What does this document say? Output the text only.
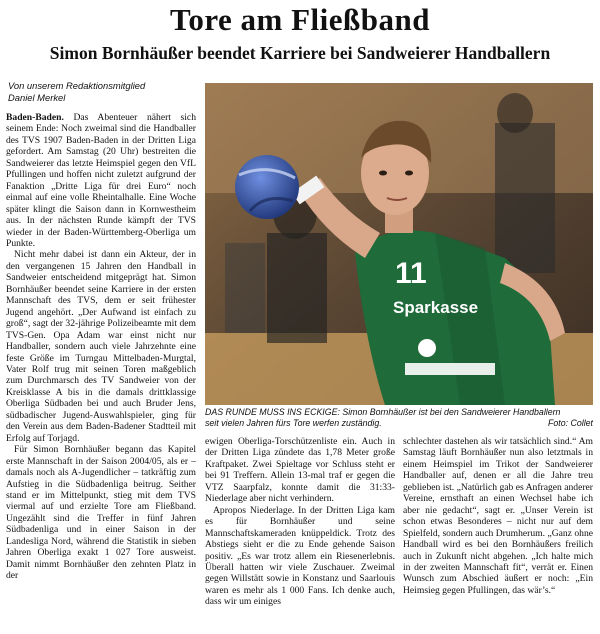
Tore am Fließband
Simon Bornhäußer beendet Karriere bei Sandweierer Handballern
Von unserem Redaktionsmitglied
Daniel Merkel

Baden-Baden. Das Abenteuer nähert sich seinem Ende: Noch zweimal sind die Handballer des TVS 1907 Baden-Baden in der Dritten Liga gefordert. Am Samstag (20 Uhr) bestreiten die Sandweierer das letzte Heimspiel gegen den VfL Pfullingen und hoffen nicht zuletzt aufgrund der Fanaktion „Dritte Liga für drei Euro“ noch einmal auf eine volle Rheintalhalle. Eine Woche später klingt die Saison dann in Kornwestheim aus. In der nächsten Runde kämpft der TVS wieder in der Baden-Württemberg-Oberliga um Punkte.

Nicht mehr dabei ist dann ein Akteur, der in den vergangenen 15 Jahren den Handball in Sandweier entscheidend mitgeprägt hat. Simon Bornhäußer beendet seine Karriere in der ersten Mannschaft des TVS, dem er seit frühester Jugend angehört. „Der Aufwand ist einfach zu groß“, sagt der 32-jährige Polizeibeamte mit dem TVS-Gen. Opa Adam war einst nicht nur Handballer, sondern auch viele Jahrzehnte eine feste Größe im Turngau Mittelbaden-Murgtal, Vater Rolf trug mit seinen Toren maßgeblich zum Durchmarsch des TV Sandweier von der Kreisklasse A bis in die damals drittklassige Oberliga Südbaden bei und auch Bruder Jens, südbadischer Jugend-Auswahlspieler, ging für den Verein aus dem Baden-Badener Stadtteil mit Erfolg auf Torjagd.

Für Simon Bornhäußer begann das Kapitel erste Mannschaft in der Saison 2004/05, als er – damals noch als A-Jugendlicher – tatkräftig zum Aufstieg in die Südbadenliga beitrug. Seither stand er im Mittelpunkt, stieg mit dem TVS viermal auf und erzielte Tore am Fließband. Ungezählt sind die Treffer in fünf Jahren Südbadenliga und in einer Saison in der Landesliga Nord, während die Statistik in sieben Jahren Oberliga exakt 1 027 Tore ausweist. Damit nimmt Bornhäußer den zehnten Platz in der

Sparkasse
11
DAS RUNDE MUSS INS ECKIGE: Simon Bornhäußer ist bei den Sandweierer Handballern
seit vielen Jahren fürs Tore werfen zuständig.	Foto: Collet

ewigen Oberliga-Torschützenliste ein. Auch in der Dritten Liga zündete das 1,78 Meter große Kraftpaket. Zwei Spieltage vor Schluss steht er bei 91 Treffern. Allein 13-mal traf er gegen die VTZ Saarpfalz, konnte damit die 31:33-Niederlage aber nicht verhindern.

Apropos Niederlage. In der Dritten Liga kam es für Bornhäußer und seine Mannschaftskameraden knüppeldick. Trotz des Abstiegs sieht er die zu Ende gehende Saison positiv. „Es war trotz allem ein Riesenerlebnis. Überall hatten wir viele Zuschauer. Zweimal gegen Willstätt sowie in Konstanz und Saarlouis waren es mehr als 1 000 Fans. Ich denke auch, dass wir um einiges

schlechter dastehen als wir tatsächlich sind.“ Am Samstag läuft Bornhäußer nun also letztmals in einem Heimspiel im Trikot der Sandweierer Handballer auf, denen er all die Jahre treu geblieben ist. „Natürlich gab es Anfragen anderer Vereine, ernsthaft an einen Wechsel habe ich aber nie gedacht“, sagt er. „Unser Verein ist schon etwas Besonderes – nicht nur auf dem Spielfeld, sondern auch Drumherum. „Ganz ohne Handball wird es bei den Bornhäußers freilich auch in Zukunft nicht abgehen. „Ich halte mich in der zweiten Mannschaft fit“, verrät er. Einen Wunsch zum Abschied äußert er noch: „Ein Heimsieg gegen Pfullingen, das wär’s.“
